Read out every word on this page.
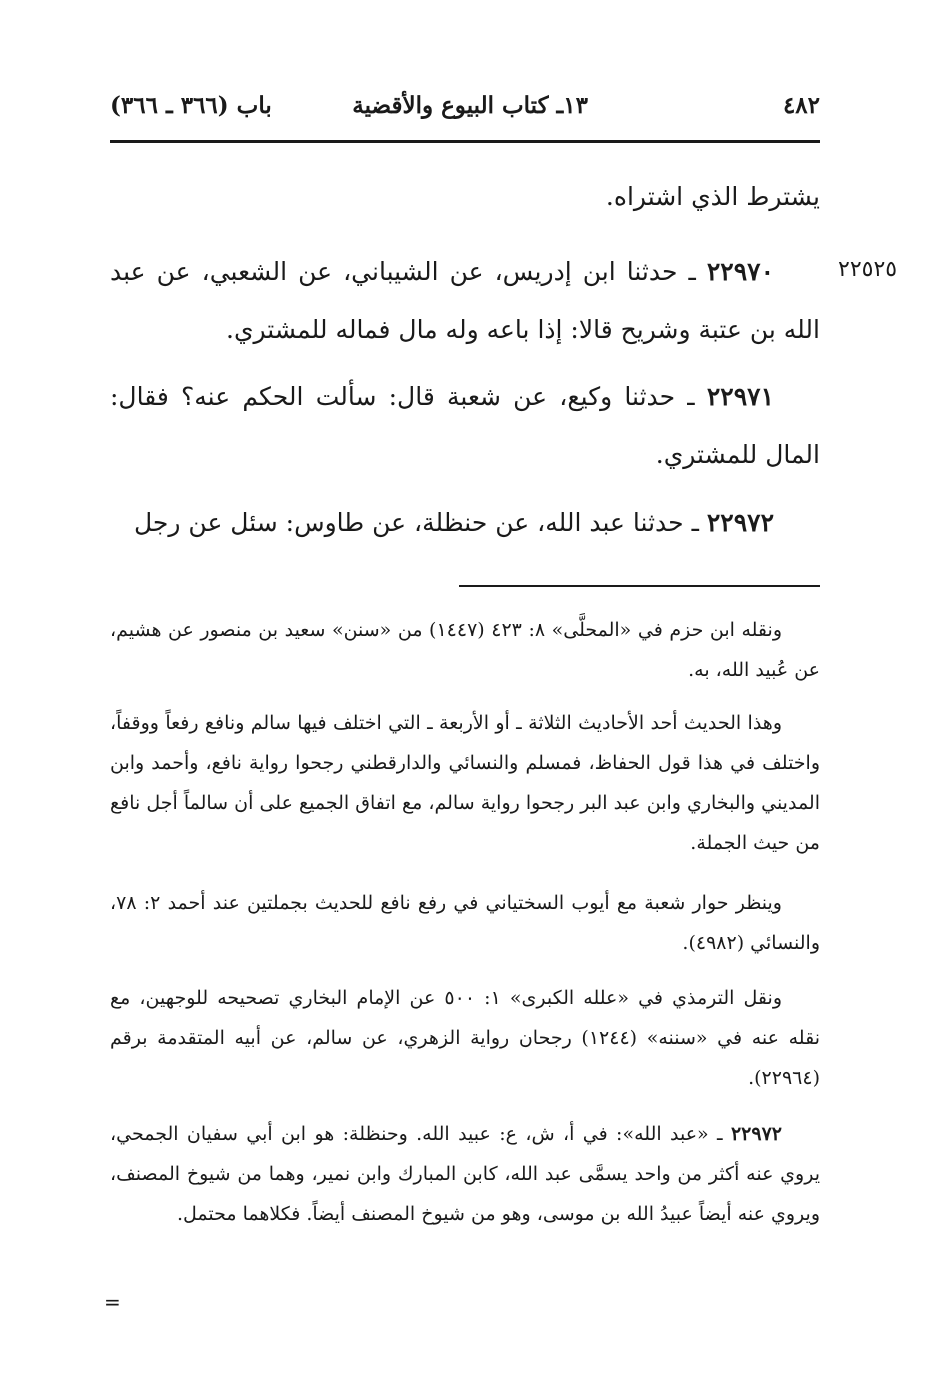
٤٨٢
١٣ـ كتاب البيوع والأقضية
باب (٣٦٦ ـ ٣٦٦)
يشترط الذي اشتراه.
٢٢٥٢٥
٢٢٩٧٠ ـ حدثنا ابن إدريس، عن الشيباني، عن الشعبي، عن عبد الله بن عتبة وشريح قالا: إذا باعه وله مال فماله للمشتري.
٢٢٩٧١ ـ حدثنا وكيع، عن شعبة قال: سألت الحكم عنه؟ فقال: المال للمشتري.
٢٢٩٧٢ ـ حدثنا عبد الله، عن حنظلة، عن طاوس: سئل عن رجل
ونقله ابن حزم في «المحلَّى» ٨: ٤٢٣ (١٤٤٧) من «سنن» سعيد بن منصور عن هشيم، عن عُبيد الله، به.
وهذا الحديث أحد الأحاديث الثلاثة ـ أو الأربعة ـ التي اختلف فيها سالم ونافع رفعاً ووقفاً، واختلف في هذا قول الحفاظ، فمسلم والنسائي والدارقطني رجحوا رواية نافع، وأحمد وابن المديني والبخاري وابن عبد البر رجحوا رواية سالم، مع اتفاق الجميع على أن سالماً أجل نافع من حيث الجملة.
وينظر حوار شعبة مع أيوب السختياني في رفع نافع للحديث بجملتين عند أحمد ٢: ٧٨، والنسائي (٤٩٨٢).
ونقل الترمذي في «علله الكبرى» ١: ٥٠٠ عن الإمام البخاري تصحيحه للوجهين، مع نقله عنه في «سننه» (١٢٤٤) رجحان رواية الزهري، عن سالم، عن أبيه المتقدمة برقم (٢٢٩٦٤).
٢٢٩٧٢ ـ «عبد الله»: في أ، ش، ع: عبيد الله. وحنظلة: هو ابن أبي سفيان الجمحي، يروي عنه أكثر من واحد يسمَّى عبد الله، كابن المبارك وابن نمير، وهما من شيوخ المصنف، ويروي عنه أيضاً عبيدُ الله بن موسى، وهو من شيوخ المصنف أيضاً. فكلاهما محتمل.
=
